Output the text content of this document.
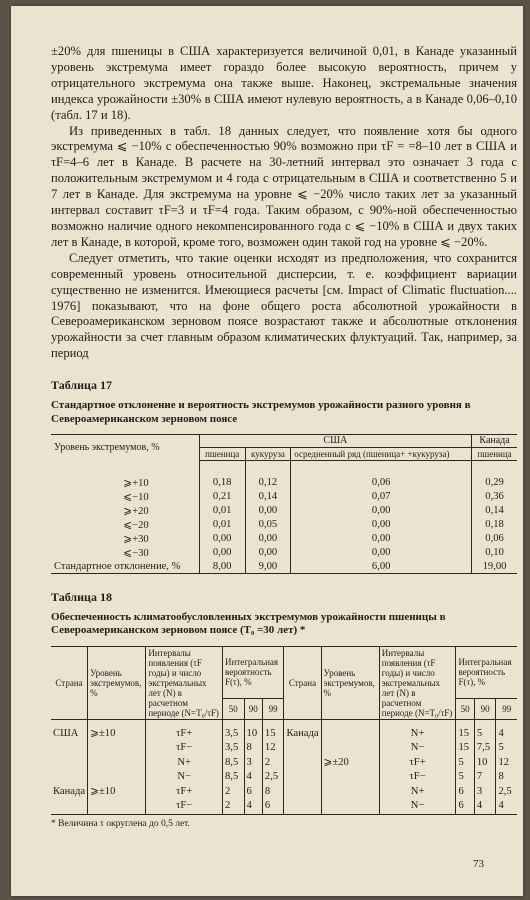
±20% для пшеницы в США характеризуется величиной 0,01, в Канаде указанный уровень экстремума имеет гораздо более высокую вероятность, причем у отрицательного экстремума она также выше. Наконец, экстремальные значения индекса урожайности ±30% в США имеют нулевую вероятность, а в Канаде 0,06–0,10 (табл. 17 и 18).

Из приведенных в табл. 18 данных следует, что появление хотя бы одного экстремума ⩽ −10% с обеспеченностью 90% возможно при τF = =8–10 лет в США и τF=4–6 лет в Канаде. В расчете на 30-летний интервал это означает 3 года с положительным экстремумом и 4 года с отрицательным в США и соответственно 5 и 7 лет в Канаде. Для экстремума на уровне ⩽ −20% число таких лет за указанный интервал составит τF=3 и τF=4 года. Таким образом, с 90%-ной обеспеченностью возможно наличие одного некомпенсированного года с ⩽ −10% в США и двух таких лет в Канаде, в которой, кроме того, возможен один такой год на уровне ⩽ −20%.

Следует отметить, что такие оценки исходят из предположения, что сохранится современный уровень относительной дисперсии, т. е. коэффициент вариации существенно не изменится. Имеющиеся расчеты [см. Impact of Climatic fluctuation.... 1976] показывают, что на фоне общего роста абсолютной урожайности в Североамериканском зерновом поясе возрастают также и абсолютные отклонения урожайности за счет главным образом климатических флуктуаций. Так, например, за период

Таблица 17
Стандартное отклонение и вероятность экстремумов урожайности разного уровня в Североамериканском зерновом поясе
Уровень экстремумов, %	США			Канада
	пшеница	кукуруза	осредненный ряд (пшеница+ +кукуруза)	пшеница
⩾+10	0,18	0,12	0,06	0,29
⩽−10	0,21	0,14	0,07	0,36
⩾+20	0,01	0,00	0,00	0,14
⩽−20	0,01	0,05	0,00	0,18
⩾+30	0,00	0,00	0,00	0,06
⩽−30	0,00	0,00	0,00	0,10
Стандартное отклонение, %	8,00	9,00	6,00	19,00
Таблица 18
Обеспеченность климатообусловленных экстремумов урожайности пшеницы в Североамериканском зерновом поясе (T₀ =30 лет) *
Страна	Уровень экстремумов, %	Интервалы появления (τF годы) и число экстремальных лет (N) в расчетном периоде (N=T₀/τF)	Интегральная вероятность F(τ), %			Страна	Уровень экстремумов, %	Интервалы появления (τF годы) и число экстремальных лет (N) в расчетном периоде (N=T₀/τF)	Интегральная вероятность F(τ), %		
			50	90	99				50	90	99
США	⩾±10	τF+	3,5	10	15	Канада		N+	15	5	4
		τF−	3,5	8	12			N−	15	7,5	5
		N+	8,5	3	2		⩾±20	τF+	5	10	12
		N−	8,5	4	2,5			τF−	5	7	8
Канада	⩾±10	τF+	2	6	8			N+	6	3	2,5
		τF−	2	4	6			N−	6	4	4
* Величина τ округлена до 0,5 лет.
73
